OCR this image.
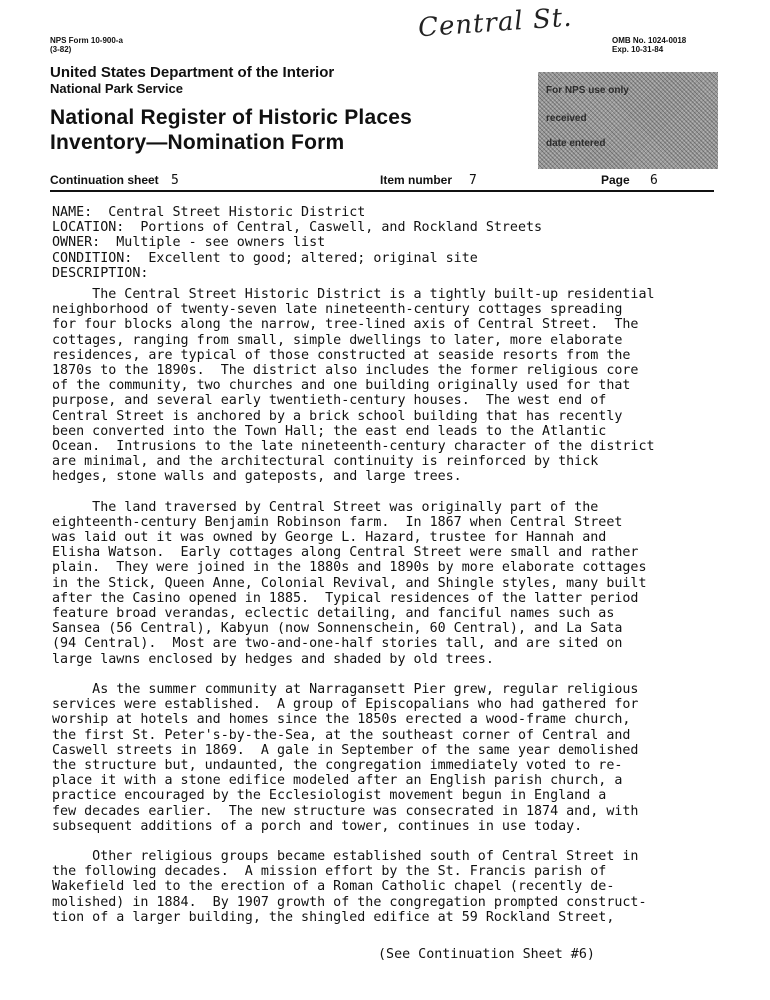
Central St.
NPS Form 10-900-a
(3-82)
OMB No. 1024-0018
Exp. 10-31-84
United States Department of the Interior
National Park Service
National Register of Historic Places
Inventory—Nomination Form
For NPS use only
received
date entered
Continuation sheet 5	Item number 7	Page 6
NAME:  Central Street Historic District
LOCATION:  Portions of Central, Caswell, and Rockland Streets
OWNER:  Multiple - see owners list
CONDITION:  Excellent to good; altered; original site
DESCRIPTION:
The Central Street Historic District is a tightly built-up residential
neighborhood of twenty-seven late nineteenth-century cottages spreading
for four blocks along the narrow, tree-lined axis of Central Street.  The
cottages, ranging from small, simple dwellings to later, more elaborate
residences, are typical of those constructed at seaside resorts from the
1870s to the 1890s.  The district also includes the former religious core
of the community, two churches and one building originally used for that
purpose, and several early twentieth-century houses.  The west end of
Central Street is anchored by a brick school building that has recently
been converted into the Town Hall; the east end leads to the Atlantic
Ocean.  Intrusions to the late nineteenth-century character of the district
are minimal, and the architectural continuity is reinforced by thick
hedges, stone walls and gateposts, and large trees.
The land traversed by Central Street was originally part of the
eighteenth-century Benjamin Robinson farm.  In 1867 when Central Street
was laid out it was owned by George L. Hazard, trustee for Hannah and
Elisha Watson.  Early cottages along Central Street were small and rather
plain.  They were joined in the 1880s and 1890s by more elaborate cottages
in the Stick, Queen Anne, Colonial Revival, and Shingle styles, many built
after the Casino opened in 1885.  Typical residences of the latter period
feature broad verandas, eclectic detailing, and fanciful names such as
Sansea (56 Central), Kabyun (now Sonnenschein, 60 Central), and La Sata
(94 Central).  Most are two-and-one-half stories tall, and are sited on
large lawns enclosed by hedges and shaded by old trees.
As the summer community at Narragansett Pier grew, regular religious
services were established.  A group of Episcopalians who had gathered for
worship at hotels and homes since the 1850s erected a wood-frame church,
the first St. Peter's-by-the-Sea, at the southeast corner of Central and
Caswell streets in 1869.  A gale in September of the same year demolished
the structure but, undaunted, the congregation immediately voted to re-
place it with a stone edifice modeled after an English parish church, a
practice encouraged by the Ecclesiologist movement begun in England a
few decades earlier.  The new structure was consecrated in 1874 and, with
subsequent additions of a porch and tower, continues in use today.
Other religious groups became established south of Central Street in
the following decades.  A mission effort by the St. Francis parish of
Wakefield led to the erection of a Roman Catholic chapel (recently de-
molished) in 1884.  By 1907 growth of the congregation prompted construct-
tion of a larger building, the shingled edifice at 59 Rockland Street,
(See Continuation Sheet #6)
